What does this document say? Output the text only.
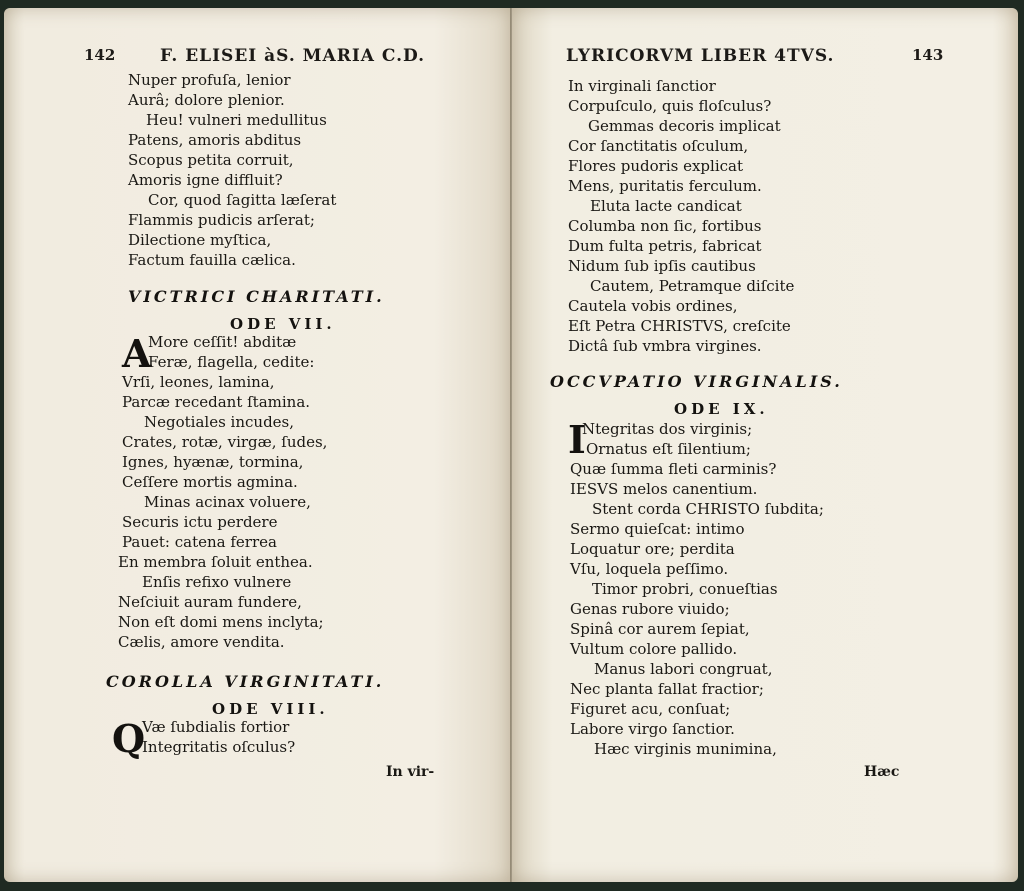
142	F. ELISEI àS. MARIA C.D.
Nuper profuſa, lenior
Aurâ; dolore plenior.
Heu! vulneri medullitus
Patens, amoris abditus
Scopus petita corruit,
Amoris igne diffluit?
Cor, quod ſagitta læſerat
Flammis pudicis arſerat;
Dilectione myſtica,
Factum fauilla cælica.
VICTRICI CHARITATI.
ODE VII.
A
More ceſſit! abditæ
Feræ, flagella, cedite:
Vrſi, leones, lamina,
Parcæ recedant ſtamina.
Negotiales incudes,
Crates, rotæ, virgæ, ſudes,
Ignes, hyænæ, tormina,
Ceſſere mortis agmina.
Minas acinax voluere,
Securis ictu perdere
Pauet: catena ferrea
En membra ſoluit enthea.
Enſis refixo vulnere
Neſciuit auram fundere,
Non eſt domi mens inclyta;
Cælis, amore vendita.
COROLLA VIRGINITATI.
ODE VIII.
Q
Væ ſubdialis fortior
Integritatis oſculus?
In vir-
LYRICORVM LIBER 4TVS.	143
In virginali ſanctior
Corpuſculo, quis floſculus?
Gemmas decoris implicat
Cor ſanctitatis oſculum,
Flores pudoris explicat
Mens, puritatis ferculum.
Eluta lacte candicat
Columba non ſic, fortibus
Dum fulta petris, fabricat
Nidum ſub ipſis cautibus
Cautem, Petramque diſcite
Cautela vobis ordines,
Eſt Petra CHRISTVS, creſcite
Dictâ ſub vmbra virgines.
OCCVPATIO VIRGINALIS.
ODE IX.
I
Ntegritas dos virginis;
Ornatus eſt ſilentium;
Quæ ſumma fleti carminis?
IESVS melos canentium.
Stent corda CHRISTO ſubdita;
Sermo quieſcat: intimo
Loquatur ore; perdita
Vſu, loquela peſſimo.
Timor probri, conueſtias
Genas rubore viuido;
Spinâ cor aurem ſepiat,
Vultum colore pallido.
Manus labori congruat,
Nec planta fallat fractior;
Figuret acu, conſuat;
Labore virgo ſanctior.
Hæc virginis munimina,
Hæc
